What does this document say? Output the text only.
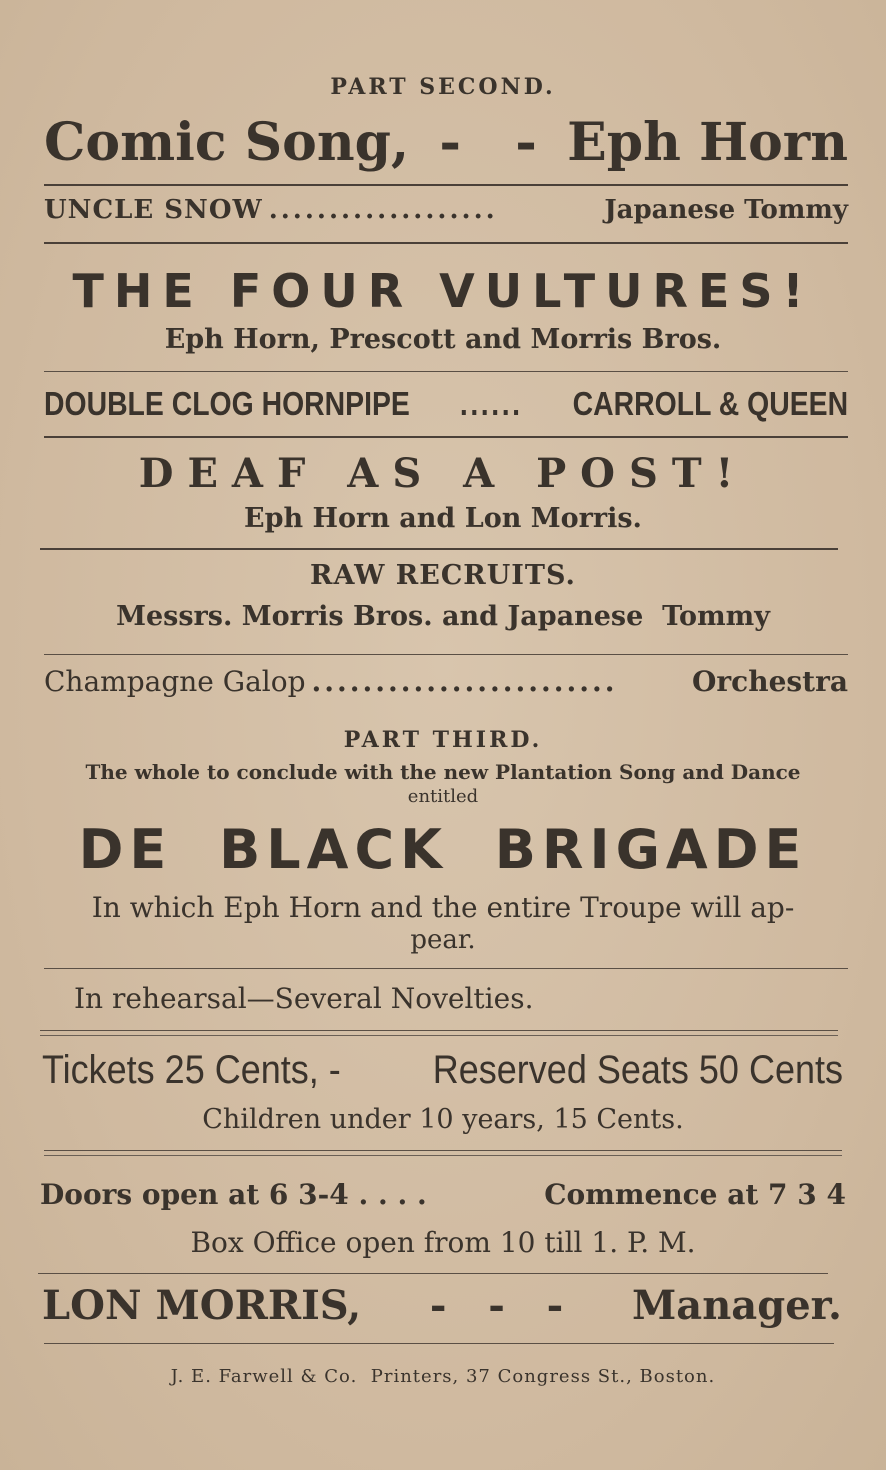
PART SECOND.
Comic Song, -   - Eph Horn
UNCLE SNOW ...................	Japanese Tommy
THE FOUR VULTURES!
Eph Horn, Prescott and Morris Bros.
DOUBLE CLOG HORNPIPE	......	CARROLL & QUEEN
DEAF AS A POST!
Eph Horn and Lon Morris.
RAW RECRUITS.
Messrs. Morris Bros. and Japanese  Tommy
Champagne Galop ........................	Orchestra
PART THIRD.
The whole to conclude with the new Plantation Song and Dance
entitled
DE BLACK BRIGADE
In which Eph Horn and the entire Troupe will ap-
pear.
In rehearsal—Several Novelties.
Tickets 25 Cents, - Reserved Seats 50 Cents
Children under 10 years, 15 Cents.
Doors open at 6 3-4 . . . .	Commence at 7 3 4
Box Office open from 10 till 1. P. M.
LON MORRIS, -   -   - Manager.
J. E. Farwell & Co.  Printers, 37 Congress St., Boston.
